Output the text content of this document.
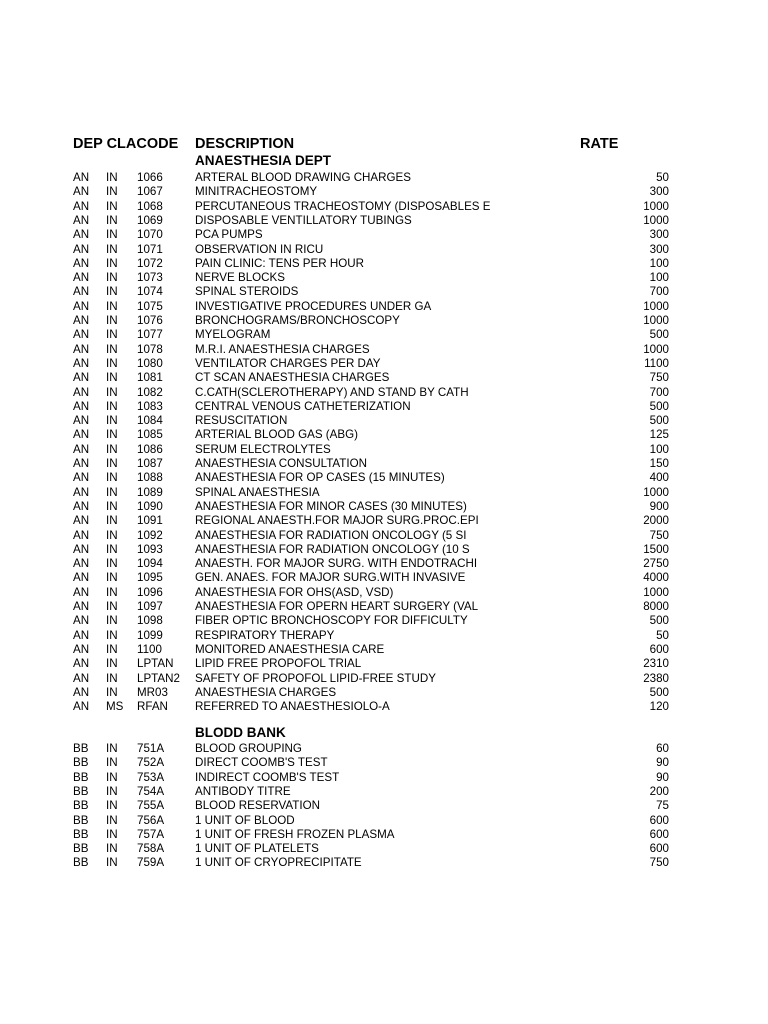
DEP CLACODE DESCRIPTION	RATE
ANAESTHESIA DEPT
AN IN 1066	ARTERAL BLOOD DRAWING CHARGES	50
AN IN 1067	MINITRACHEOSTOMY	300
AN IN 1068	PERCUTANEOUS TRACHEOSTOMY (DISPOSABLES E	1000
AN IN 1069	DISPOSABLE VENTILLATORY TUBINGS	1000
AN IN 1070	PCA PUMPS	300
AN IN 1071	OBSERVATION IN RICU	300
AN IN 1072	PAIN CLINIC: TENS PER HOUR	100
AN IN 1073	NERVE BLOCKS	100
AN IN 1074	SPINAL STEROIDS	700
AN IN 1075	INVESTIGATIVE PROCEDURES UNDER GA	1000
AN IN 1076	BRONCHOGRAMS/BRONCHOSCOPY	1000
AN IN 1077	MYELOGRAM	500
AN IN 1078	M.R.I. ANAESTHESIA CHARGES	1000
AN IN 1080	VENTILATOR CHARGES PER DAY	1100
AN IN 1081	CT SCAN ANAESTHESIA CHARGES	750
AN IN 1082	C.CATH(SCLEROTHERAPY) AND STAND BY CATH	700
AN IN 1083	CENTRAL VENOUS CATHETERIZATION	500
AN IN 1084	RESUSCITATION	500
AN IN 1085	ARTERIAL BLOOD GAS (ABG)	125
AN IN 1086	SERUM ELECTROLYTES	100
AN IN 1087	ANAESTHESIA CONSULTATION	150
AN IN 1088	ANAESTHESIA FOR OP CASES (15 MINUTES)	400
AN IN 1089	SPINAL ANAESTHESIA	1000
AN IN 1090	ANAESTHESIA FOR MINOR CASES (30 MINUTES)	900
AN IN 1091	REGIONAL ANAESTH.FOR MAJOR SURG.PROC.EPI	2000
AN IN 1092	ANAESTHESIA FOR RADIATION ONCOLOGY (5 SI	750
AN IN 1093	ANAESTHESIA FOR RADIATION ONCOLOGY (10 S	1500
AN IN 1094	ANAESTH. FOR MAJOR SURG. WITH ENDOTRACHI	2750
AN IN 1095	GEN. ANAES. FOR MAJOR SURG.WITH INVASIVE	4000
AN IN 1096	ANAESTHESIA FOR OHS(ASD, VSD)	1000
AN IN 1097	ANAESTHESIA FOR OPERN HEART SURGERY (VAL	8000
AN IN 1098	FIBER OPTIC BRONCHOSCOPY FOR DIFFICULTY	500
AN IN 1099	RESPIRATORY THERAPY	50
AN IN 1100	MONITORED ANAESTHESIA CARE	600
AN IN LPTAN LIPID FREE PROPOFOL TRIAL	2310
AN IN LPTAN2 SAFETY OF PROPOFOL LIPID-FREE STUDY	2380
AN IN MR03 ANAESTHESIA CHARGES	500
AN MS RFAN REFERRED TO ANAESTHESIOLO-A	120
BLODD BANK
BB IN 751A	BLOOD GROUPING	60
BB IN 752A	DIRECT COOMB'S TEST	90
BB IN 753A	INDIRECT COOMB'S TEST	90
BB IN 754A	ANTIBODY TITRE	200
BB IN 755A	BLOOD RESERVATION	75
BB IN 756A	1 UNIT OF BLOOD	600
BB IN 757A	1 UNIT OF FRESH FROZEN PLASMA	600
BB IN 758A	1 UNIT OF PLATELETS	600
BB IN 759A	1 UNIT OF CRYOPRECIPITATE	750
